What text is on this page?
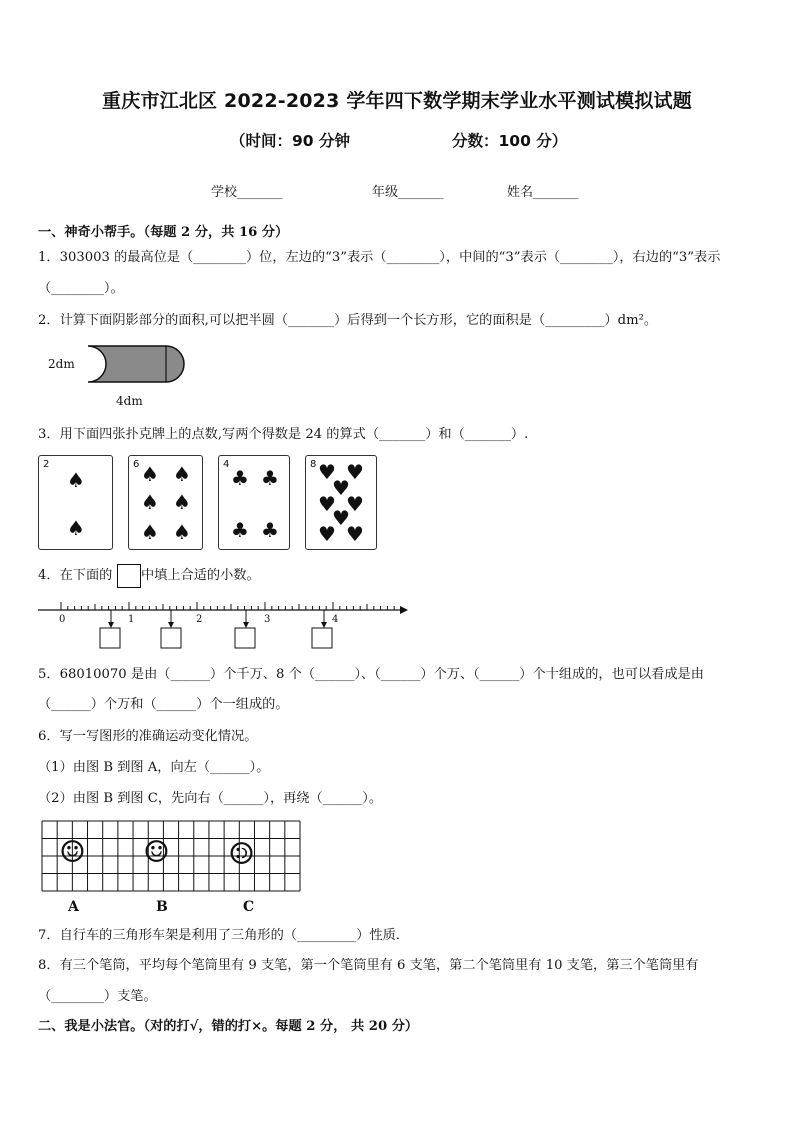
重庆市江北区 2022-2023 学年四下数学期末学业水平测试模拟试题
（时间：90 分钟	分数：100 分）
学校_______	年级_______	姓名_______
一、神奇小帮手。（每题 2 分，共 16 分）
1．303003 的最高位是（________）位，左边的“3”表示（________），中间的“3”表示（________），右边的“3”表示
（________）。
2．计算下面阴影部分的面积,可以把半圆（_______）后得到一个长方形，它的面积是（_________）dm²。
2dm
4dm
3．用下面四张扑克牌上的点数,写两个得数是 24 的算式（_______）和（_______）.
2
♠
♠
6 ♠ ♠
♠ ♠
♠ ♠
4
♣ ♣
♣ ♣
8 ♥ ♥
♥
♥ ♥
♥
♥ ♥
4．在下面的 中填上合适的小数。
0	1	2	3	4
5．68010070 是由（______）个千万、8 个（______）、（______）个万、（______）个十组成的，也可以看成是由
（______）个万和（______）个一组成的。
6．写一写图形的准确运动变化情况。
（1）由图 B 到图 A，向左（______）。
（2）由图 B 到图 C，先向右（______），再绕（______）。
☺ ☺ ☺
A	B	C
7．自行车的三角形车架是利用了三角形的（_________）性质．
8．有三个笔筒，平均每个笔筒里有 9 支笔，第一个笔筒里有 6 支笔，第二个笔筒里有 10 支笔，第三个笔筒里有
（________）支笔。
二、我是小法官。（对的打√，错的打×。每题 2 分， 共 20 分）
